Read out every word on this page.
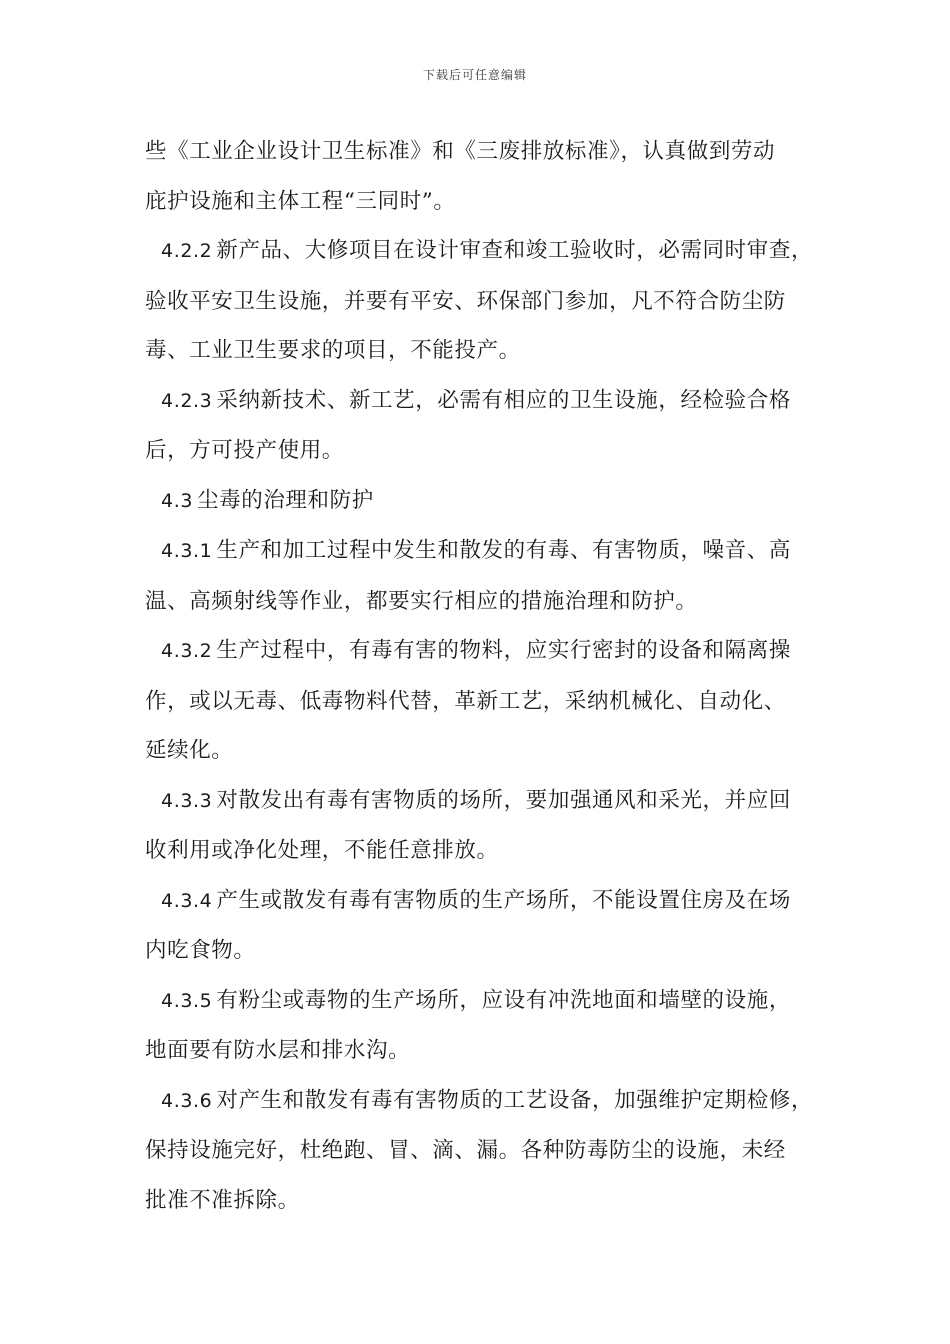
下载后可任意编辑
些《工业企业设计卫生标准》和《三废排放标准》，认真做到劳动
庇护设施和主体工程“三同时”。
4.2.2 新产品、大修项目在设计审查和竣工验收时，必需同时审查，
验收平安卫生设施，并要有平安、环保部门参加，凡不符合防尘防
毒、工业卫生要求的项目，不能投产。
4.2.3 采纳新技术、新工艺，必需有相应的卫生设施，经检验合格
后，方可投产使用。
4.3 尘毒的治理和防护
4.3.1 生产和加工过程中发生和散发的有毒、有害物质，噪音、高
温、高频射线等作业，都要实行相应的措施治理和防护。
4.3.2 生产过程中，有毒有害的物料，应实行密封的设备和隔离操
作，或以无毒、低毒物料代替，革新工艺，采纳机械化、自动化、
延续化。
4.3.3 对散发出有毒有害物质的场所，要加强通风和采光，并应回
收利用或净化处理，不能任意排放。
4.3.4 产生或散发有毒有害物质的生产场所，不能设置住房及在场
内吃食物。
4.3.5 有粉尘或毒物的生产场所，应设有冲洗地面和墙壁的设施，
地面要有防水层和排水沟。
4.3.6 对产生和散发有毒有害物质的工艺设备，加强维护定期检修，
保持设施完好，杜绝跑、冒、滴、漏。各种防毒防尘的设施，未经
批准不准拆除。
